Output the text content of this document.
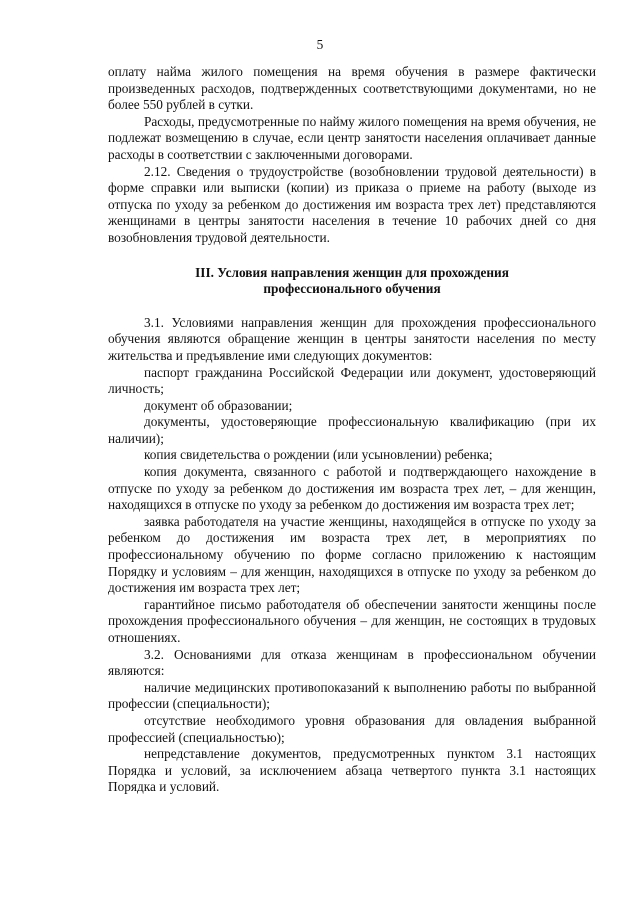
5

оплату найма жилого помещения на время обучения в размере фактически произведенных расходов, подтвержденных соответствующими документами, но не более 550 рублей в сутки.

Расходы, предусмотренные по найму жилого помещения на время обучения, не подлежат возмещению в случае, если центр занятости населения оплачивает данные расходы в соответствии с заключенными договорами.

2.12. Сведения о трудоустройстве (возобновлении трудовой деятельности) в форме справки или выписки (копии) из приказа о приеме на работу (выходе из отпуска по уходу за ребенком до достижения им возраста трех лет) представляются женщинами в центры занятости населения в течение 10 рабочих дней со дня возобновления трудовой деятельности.

III. Условия направления женщин для прохождения
профессионального обучения

3.1. Условиями направления женщин для прохождения профессионального обучения являются обращение женщин в центры занятости населения по месту жительства и предъявление ими следующих документов:

паспорт гражданина Российской Федерации или документ, удостоверяющий личность;

документ об образовании;

документы, удостоверяющие профессиональную квалификацию (при их наличии);

копия свидетельства о рождении (или усыновлении) ребенка;

копия документа, связанного с работой и подтверждающего нахождение в отпуске по уходу за ребенком до достижения им возраста трех лет, – для женщин, находящихся в отпуске по уходу за ребенком до достижения им возраста трех лет;

заявка работодателя на участие женщины, находящейся в отпуске по уходу за ребенком до достижения им возраста трех лет, в мероприятиях по профессиональному обучению по форме согласно приложению к настоящим Порядку и условиям – для женщин, находящихся в отпуске по уходу за ребенком до достижения им возраста трех лет;

гарантийное письмо работодателя об обеспечении занятости женщины после прохождения профессионального обучения – для женщин, не состоящих в трудовых отношениях.

3.2. Основаниями для отказа женщинам в профессиональном обучении являются:

наличие медицинских противопоказаний к выполнению работы по выбранной профессии (специальности);

отсутствие необходимого уровня образования для овладения выбранной профессией (специальностью);

непредставление документов, предусмотренных пунктом 3.1 настоящих Порядка и условий, за исключением абзаца четвертого пункта 3.1 настоящих Порядка и условий.
